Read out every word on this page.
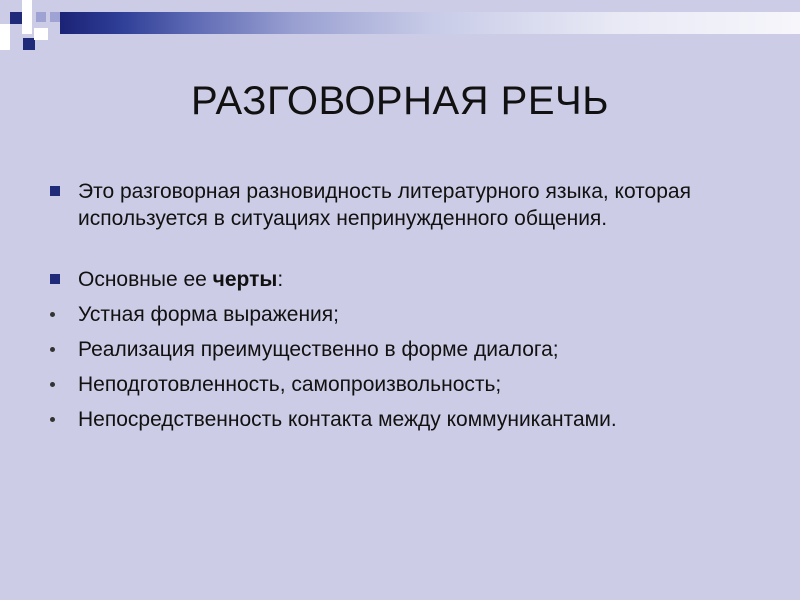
РАЗГОВОРНАЯ РЕЧЬ
Это разговорная разновидность литературного языка, которая используется в ситуациях непринужденного общения.
Основные ее черты:
Устная форма выражения;
Реализация преимущественно в форме диалога;
Неподготовленность, самопроизвольность;
Непосредственность контакта между коммуникантами.
